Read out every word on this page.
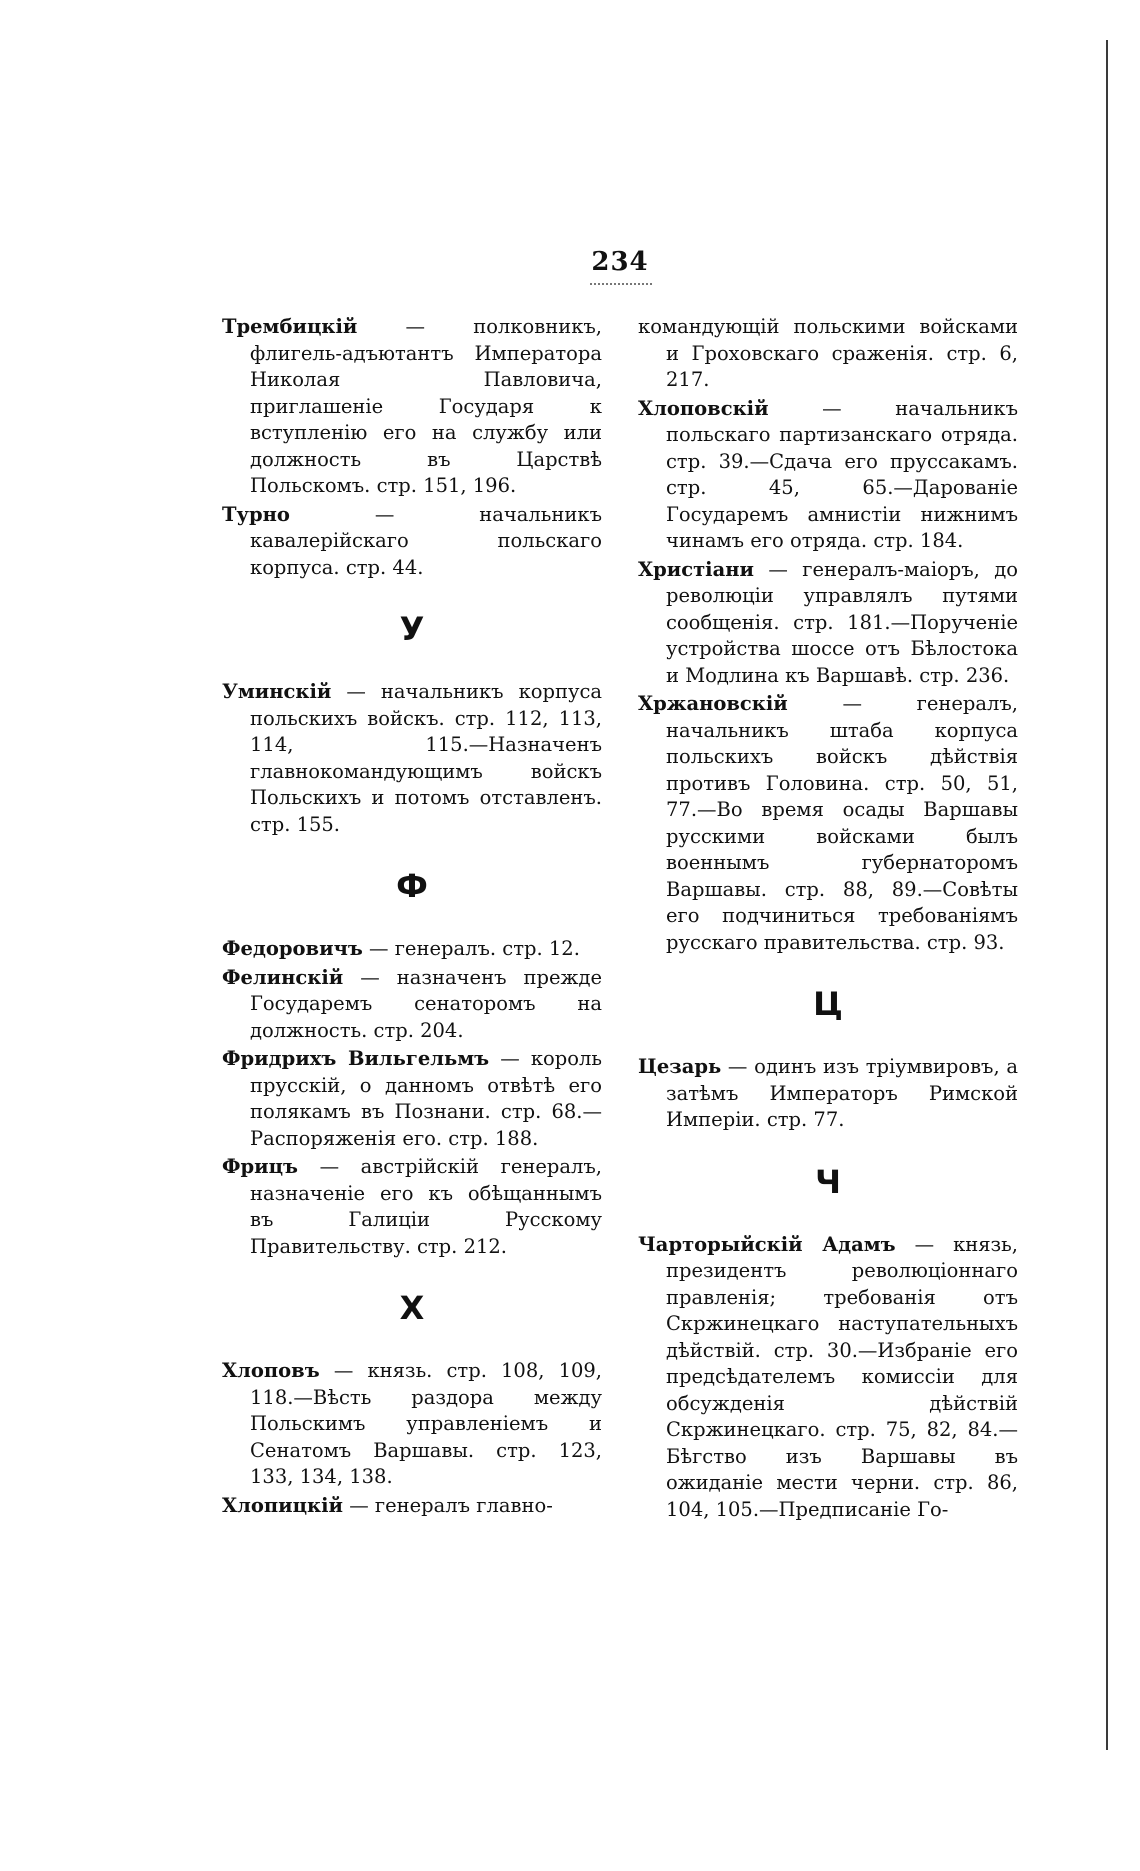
234
Трембицкiй — полковникъ, флигель-адъютантъ Императора Николая Павловича, приглашенiе Государя к вступленiю его на службу или должность въ Царствѣ Польскомъ. стр. 151, 196.
Турно	— начальникъ кавалерiйскаго польскаго корпуса. стр. 44.
У
Уминскiй — начальникъ корпуса польскихъ войскъ. стр. 112, 113, 114, 115.—Назначенъ главнокомандующимъ войскъ Польскихъ и потомъ отставленъ. стр. 155.
Ф
Федоровичъ — генералъ. стр. 12.
Фелинскiй — назначенъ прежде Государемъ сенаторомъ на должность. стр. 204.
Фридрихъ Вильгельмъ — король прусскiй, о данномъ отвѣтѣ его полякамъ въ Познани. стр. 68.—Распоряженiя его. стр. 188.
Фрицъ — австрiйскiй генералъ, назначенiе его къ обѣщаннымъ въ Галицiи Русскому Правительству. стр. 212.
Х
Хлоповъ — князь. стр. 108, 109, 118.—Вѣсть раздора между Польскимъ управленiемъ и Сенатомъ Варшавы. стр. 123, 133, 134, 138.
Хлопицкiй — генералъ главно-
командующiй польскими войсками и Гроховскаго сраженiя. стр. 6, 217.
Хлоповскiй	— начальникъ польскаго партизанскаго отряда. стр. 39.—Сдача его пруссакамъ. стр. 45, 65.—Дарованiе Государемъ амнистiи нижнимъ чинамъ его отряда. стр. 184.
Христiани — генералъ-маiоръ, до революцiи управлялъ путями сообщенiя. стр. 181.—Порученiе устройства шоссе отъ Бѣлостока и Модлина къ Варшавѣ. стр. 236.
Хржановскiй	— генералъ, начальникъ штаба корпуса польскихъ войскъ дѣйствiя противъ Головина. стр. 50, 51, 77.—Во время осады Варшавы русскими войсками былъ военнымъ губернаторомъ Варшавы. стр. 88, 89.—Совѣты его подчиниться требованiямъ русскаго правительства. стр. 93.
Ц
Цезарь — одинъ изъ трiумвировъ, а затѣмъ Императоръ Римской Имперiи. стр. 77.
Ч
Чарторыйскiй Адамъ — князь, президентъ революцiоннаго правленiя; требованiя отъ Скржинецкаго наступательныхъ дѣйствiй. стр. 30.—Избранiе его предсѣдателемъ комиссiи для обсужденiя дѣйствiй Скржинецкаго. стр. 75, 82, 84.—Бѣгство изъ Варшавы въ ожиданiе мести черни. стр. 86, 104, 105.—Предписанiе Го-
